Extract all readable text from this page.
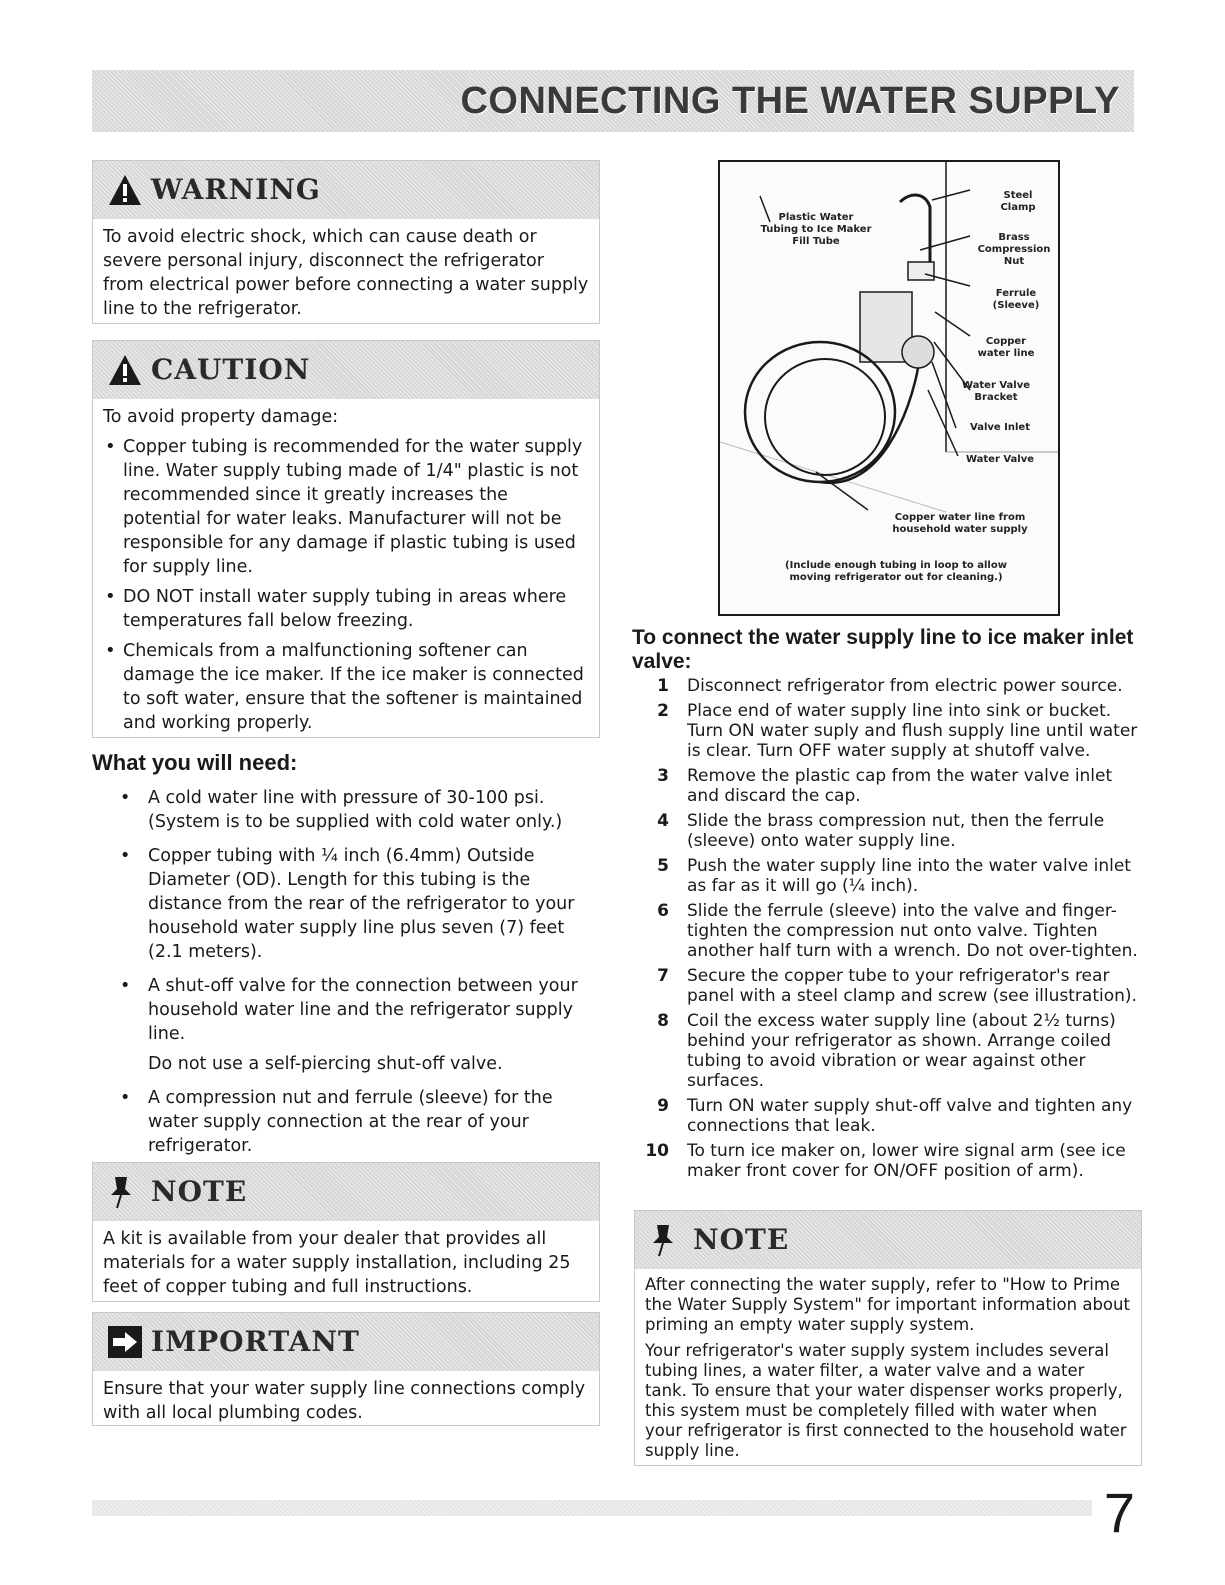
CONNECTING THE WATER SUPPLY
WARNING

To avoid electric shock, which can cause death or severe personal injury, disconnect the refrigerator from electrical power before connecting a water supply line to the refrigerator.

CAUTION

To avoid property damage:

• Copper tubing is recommended for the water supply line. Water supply tubing made of 1/4" plastic is not recommended since it greatly increases the potential for water leaks. Manufacturer will not be responsible for any damage if plastic tubing is used for supply line.
• DO NOT install water supply tubing in areas where temperatures fall below freezing.
• Chemicals from a malfunctioning softener can damage the ice maker. If the ice maker is connected to soft water, ensure that the softener is maintained and working properly.
What you will need:
• A cold water line with pressure of 30-100 psi. (System is to be supplied with cold water only.)
• Copper tubing with ¼ inch (6.4mm) Outside Diameter (OD). Length for this tubing is the distance from the rear of the refrigerator to your household water supply line plus seven (7) feet (2.1 meters).
• A shut-off valve for the connection between your household water line and the refrigerator supply line.
Do not use a self-piercing shut-off valve.
• A compression nut and ferrule (sleeve) for the water supply connection at the rear of your refrigerator.
NOTE

A kit is available from your dealer that provides all materials for a water supply installation, including 25 feet of copper tubing and full instructions.

IMPORTANT

Ensure that your water supply line connections comply with all local plumbing codes.

Plastic Water Tubing to Ice Maker Fill Tube
Steel Clamp
Brass Compression Nut
Ferrule (Sleeve)
Copper water line
Water Valve Bracket
Valve Inlet
Water Valve
Copper water line from household water supply
(Include enough tubing in loop to allow moving refrigerator out for cleaning.)
To connect the water supply line to ice maker inlet valve:
1 Disconnect refrigerator from electric power source.
2 Place end of water supply line into sink or bucket. Turn ON water suply and flush supply line until water is clear. Turn OFF water supply at shutoff valve.
3 Remove the plastic cap from the water valve inlet and discard the cap.
4 Slide the brass compression nut, then the ferrule (sleeve) onto water supply line.
5 Push the water supply line into the water valve inlet as far as it will go (¼ inch).
6 Slide the ferrule (sleeve) into the valve and finger-tighten the compression nut onto valve. Tighten another half turn with a wrench. Do not over-tighten.
7 Secure the copper tube to your refrigerator's rear panel with a steel clamp and screw (see illustration).
8 Coil the excess water supply line (about 2½ turns) behind your refrigerator as shown. Arrange coiled tubing to avoid vibration or wear against other surfaces.
9 Turn ON water supply shut-off valve and tighten any connections that leak.
10 To turn ice maker on, lower wire signal arm (see ice maker front cover for ON/OFF position of arm).
NOTE

After connecting the water supply, refer to "How to Prime the Water Supply System" for important information about priming an empty water supply system.

Your refrigerator's water supply system includes several tubing lines, a water filter, a water valve and a water tank. To ensure that your water dispenser works properly, this system must be completely filled with water when your refrigerator is first connected to the household water supply line.

7
